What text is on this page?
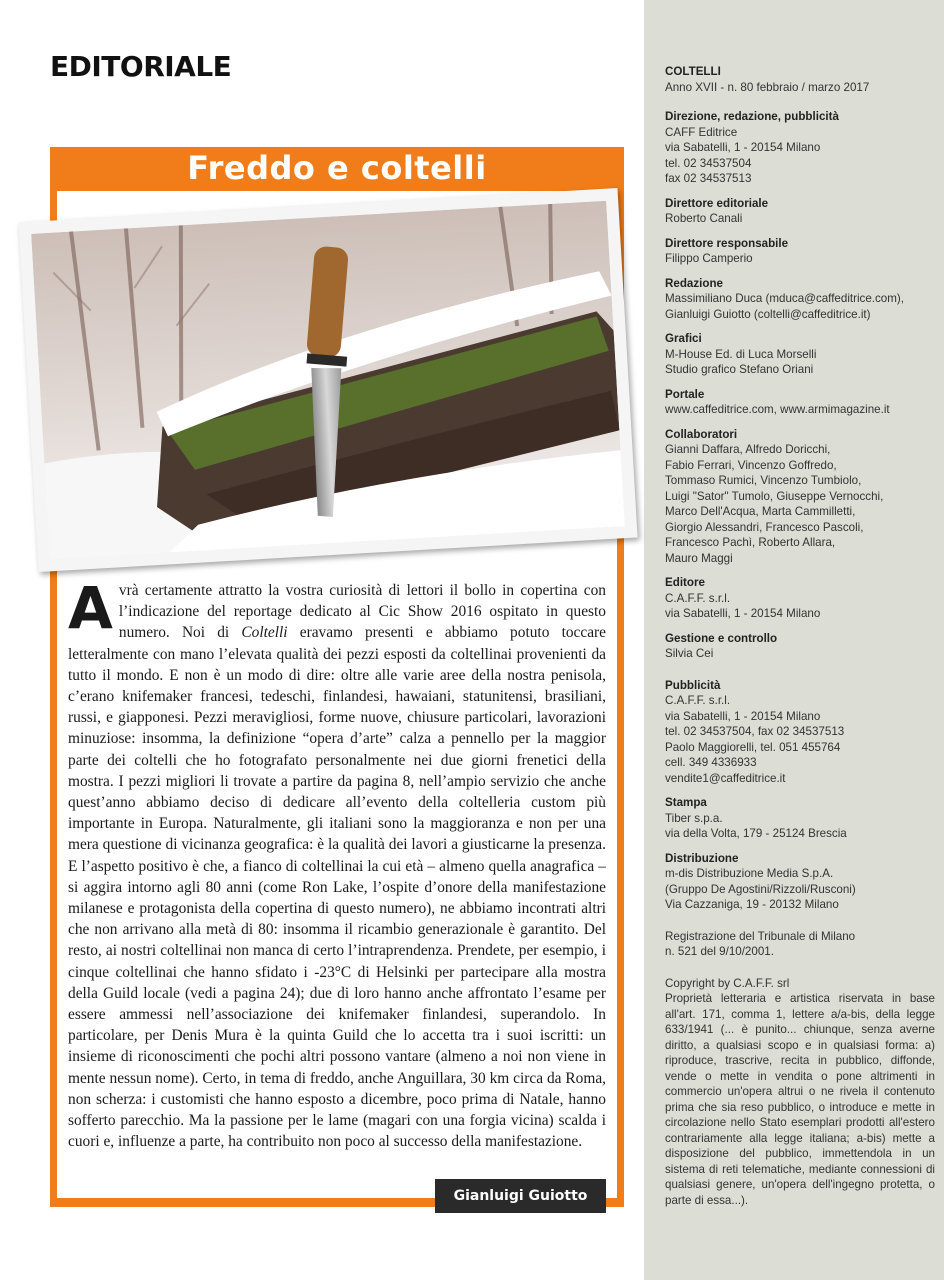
EDITORIALE
Freddo e coltelli
Avrà certamente attratto la vostra curiosità di lettori il bollo in copertina con l’indicazione del reportage dedicato al Cic Show 2016 ospitato in questo numero. Noi di Coltelli eravamo presenti e abbiamo potuto toccare letteralmente con mano l’elevata qualità dei pezzi esposti da coltellinai provenienti da tutto il mondo. E non è un modo di dire: oltre alle varie aree della nostra penisola, c’erano knifemaker francesi, tedeschi, finlandesi, hawaiani, statunitensi, brasiliani, russi, e giapponesi. Pezzi meravigliosi, forme nuove, chiusure particolari, lavorazioni minuziose: insomma, la definizione “opera d’arte” calza a pennello per la maggior parte dei coltelli che ho fotografato personalmente nei due giorni frenetici della mostra. I pezzi migliori li trovate a partire da pagina 8, nell’ampio servizio che anche quest’anno abbiamo deciso di dedicare all’evento della coltelleria custom più importante in Europa. Naturalmente, gli italiani sono la maggioranza e non per una mera questione di vicinanza geografica: è la qualità dei lavori a giusticarne la presenza. E l’aspetto positivo è che, a fianco di coltellinai la cui età – almeno quella anagrafica – si aggira intorno agli 80 anni (come Ron Lake, l’ospite d’onore della manifestazione milanese e protagonista della copertina di questo numero), ne abbiamo incontrati altri che non arrivano alla metà di 80: insomma il ricambio generazionale è garantito. Del resto, ai nostri coltellinai non manca di certo l’intraprendenza. Prendete, per esempio, i cinque coltellinai che hanno sfidato i -23°C di Helsinki per partecipare alla mostra della Guild locale (vedi a pagina 24); due di loro hanno anche affrontato l’esame per essere ammessi nell’associazione dei knifemaker finlandesi, superandolo. In particolare, per Denis Mura è la quinta Guild che lo accetta tra i suoi iscritti: un insieme di riconoscimenti che pochi altri possono vantare (almeno a noi non viene in mente nessun nome). Certo, in tema di freddo, anche Anguillara, 30 km circa da Roma, non scherza: i customisti che hanno esposto a dicembre, poco prima di Natale, hanno sofferto parecchio. Ma la passione per le lame (magari con una forgia vicina) scalda i cuori e, influenze a parte, ha contribuito non poco al successo della manifestazione.
Gianluigi Guiotto
COLTELLI
Anno XVII - n. 80 febbraio / marzo 2017
Direzione, redazione, pubblicità
CAFF Editrice
via Sabatelli, 1 - 20154 Milano
tel. 02 34537504
fax 02 34537513
Direttore editoriale
Roberto Canali
Direttore responsabile
Filippo Camperio
Redazione
Massimiliano Duca (mduca@caffeditrice.com),
Gianluigi Guiotto (coltelli@caffeditrice.it)
Grafici
M-House Ed. di Luca Morselli
Studio grafico Stefano Oriani
Portale
www.caffeditrice.com, www.armimagazine.it
Collaboratori
Gianni Daffara, Alfredo Doricchi,
Fabio Ferrari, Vincenzo Goffredo,
Tommaso Rumici, Vincenzo Tumbiolo,
Luigi "Sator" Tumolo, Giuseppe Vernocchi,
Marco Dell'Acqua, Marta Cammilletti,
Giorgio Alessandri, Francesco Pascoli,
Francesco Pachì, Roberto Allara,
Mauro Maggi
Editore
C.A.F.F. s.r.l.
via Sabatelli, 1 - 20154 Milano
Gestione e controllo
Silvia Cei
Pubblicità
C.A.F.F. s.r.l.
via Sabatelli, 1 - 20154 Milano
tel. 02 34537504, fax 02 34537513
Paolo Maggiorelli, tel. 051 455764
cell. 349 4336933
vendite1@caffeditrice.it
Stampa
Tiber s.p.a.
via della Volta, 179 - 25124 Brescia
Distribuzione
m-dis Distribuzione Media S.p.A.
(Gruppo De Agostini/Rizzoli/Rusconi)
Via Cazzaniga, 19 - 20132 Milano
Registrazione del Tribunale di Milano
n. 521 del 9/10/2001.
Copyright by C.A.F.F. srl
Proprietà letteraria e artistica riservata in base all'art. 171, comma 1, lettere a/a-bis, della legge 633/1941 (... è punito... chiunque, senza averne diritto, a qualsiasi scopo e in qualsiasi forma: a) riproduce, trascrive, recita in pubblico, diffonde, vende o mette in vendita o pone altrimenti in commercio un'opera altrui o ne rivela il contenuto prima che sia reso pubblico, o introduce e mette in circolazione nello Stato esemplari prodotti all'estero contrariamente alla legge italiana; a-bis) mette a disposizione del pubblico, immettendola in un sistema di reti telematiche, mediante connessioni di qualsiasi genere, un'opera dell'ingegno protetta, o parte di essa...).
